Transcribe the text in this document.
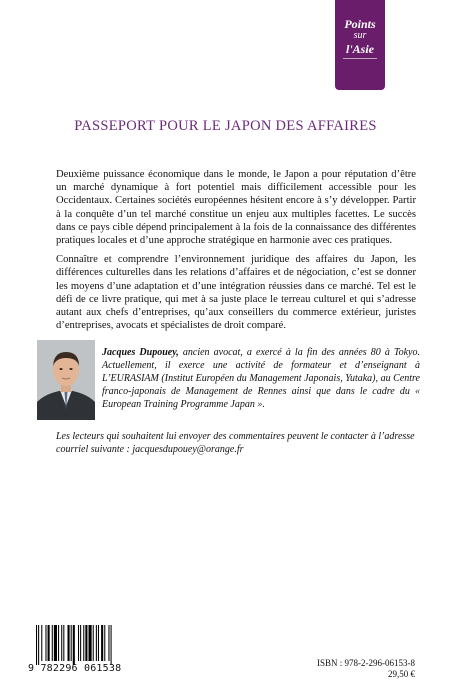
Points
sur
l'Asie
PASSEPORT POUR LE JAPON DES AFFAIRES

Deuxième puissance économique dans le monde, le Japon a pour réputation d’être un marché dynamique à fort potentiel mais difficilement accessible pour les Occidentaux. Certaines sociétés européennes hésitent encore à s’y développer. Partir à la conquête d’un tel marché constitue un enjeu aux multiples facettes. Le succès dans ce pays cible dépend principalement à la fois de la connaissance des différentes pratiques locales et d’une approche stratégique en harmonie avec ces pratiques.

Connaître et comprendre l’environnement juridique des affaires du Japon, les différences culturelles dans les relations d’affaires et de négociation, c’est se donner les moyens d’une adaptation et d’une intégration réussies dans ce marché. Tel est le défi de ce livre pratique, qui met à sa juste place le terreau culturel et qui s’adresse autant aux chefs d’entreprises, qu’aux conseillers du commerce extérieur, juristes d’entreprises, avocats et spécialistes de droit comparé.

Jacques Dupouey, ancien avocat, a exercé à la fin des années 80 à Tokyo. Actuellement, il exerce une activité de formateur et d’enseignant à L’EURASIAM (Institut Européen du Management Japonais, Yutaka), au Centre franco-japonais de Management de Rennes ainsi que dans le cadre du « European Training Programme Japan ».
Les lecteurs qui souhaitent lui envoyer des commentaires peuvent le contacter à l’adresse courriel suivante : jacquesdupouey@orange.fr
9 782296 061538	ISBN : 978-2-296-06153-8
29,50 €
